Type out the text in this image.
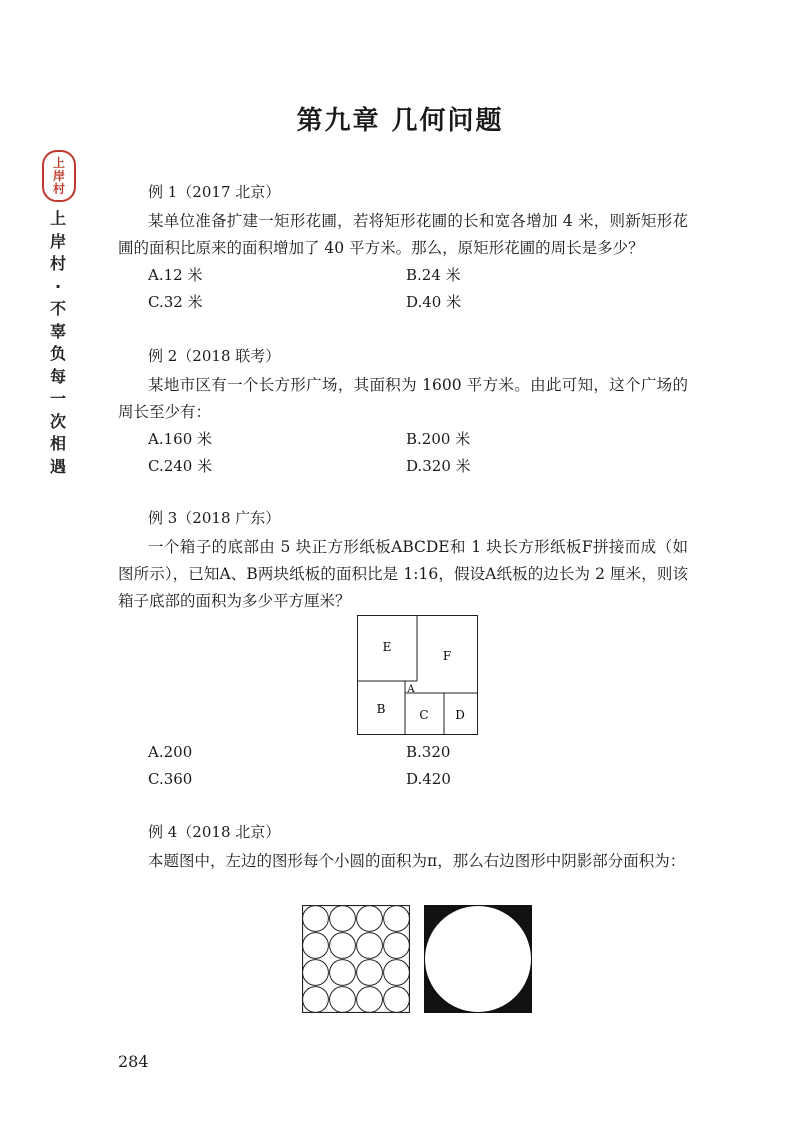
第九章 几何问题
上
岸
村
上
岸
村
·
不
辜
负
每
一
次
相
遇
例 1（2017 北京）

某单位准备扩建一矩形花圃，若将矩形花圃的长和宽各增加 4 米，则新矩形花圃的面积比原来的面积增加了 40 平方米。那么，原矩形花圃的周长是多少？

A.12 米	B.24 米
C.32 米	D.40 米
例 2（2018 联考）

某地市区有一个长方形广场，其面积为 1600 平方米。由此可知，这个广场的周长至少有：

A.160 米	B.200 米
C.240 米	D.320 米
例 3（2018 广东）

一个箱子的底部由 5 块正方形纸板ABCDE和 1 块长方形纸板F拼接而成（如图所示），已知A、B两块纸板的面积比是 1:16，假设A纸板的边长为 2 厘米，则该箱子底部的面积为多少平方厘米？

E
F
A
B	C D
A.200	B.320
C.360	D.420
例 4（2018 北京）

本题图中，左边的图形每个小圆的面积为π，那么右边图形中阴影部分面积为：

284
